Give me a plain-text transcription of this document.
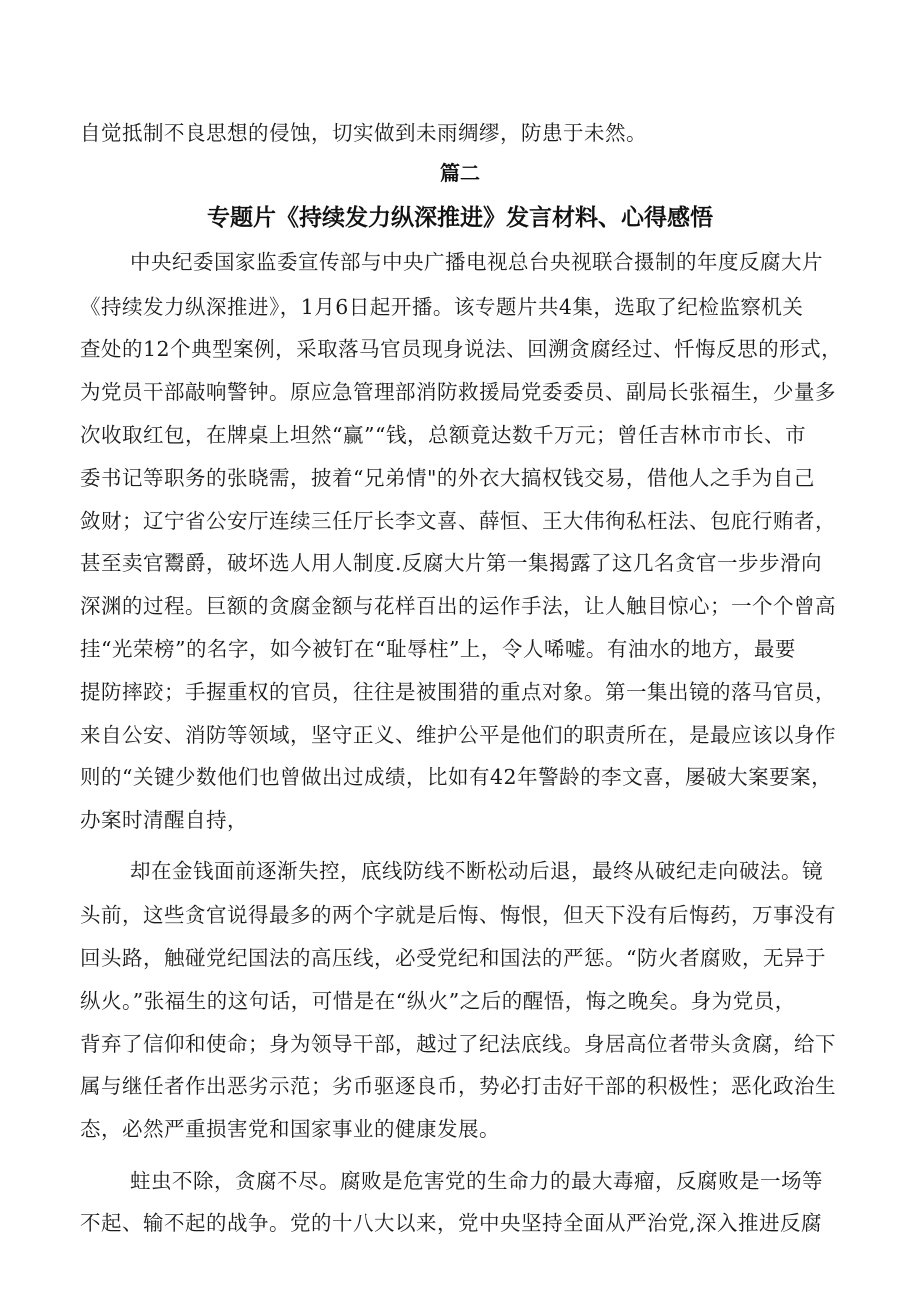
自觉抵制不良思想的侵蚀，切实做到未雨绸缪，防患于未然。
篇二
专题片《持续发力纵深推进》发言材料、心得感悟
中央纪委国家监委宣传部与中央广播电视总台央视联合摄制的年度反腐大片
《持续发力纵深推进》，1月6日起开播。该专题片共4集，选取了纪检监察机关
查处的12个典型案例，采取落马官员现身说法、回溯贪腐经过、忏悔反思的形式，
为党员干部敲响警钟。原应急管理部消防救援局党委委员、副局长张福生，少量多
次收取红包，在牌桌上坦然“赢”“钱，总额竟达数千万元；曾任吉林市市长、市
委书记等职务的张晓需，披着“兄弟情"的外衣大搞权钱交易，借他人之手为自己
敛财；辽宁省公安厅连续三任厅长李文喜、薛恒、王大伟徇私枉法、包庇行贿者，
甚至卖官鬻爵，破坏选人用人制度.反腐大片第一集揭露了这几名贪官一步步滑向
深渊的过程。巨额的贪腐金额与花样百出的运作手法，让人触目惊心；一个个曾高
挂“光荣榜”的名字，如今被钉在“耻辱柱”上，令人唏嘘。有油水的地方，最要
提防摔跤；手握重权的官员，往往是被围猎的重点对象。第一集出镜的落马官员，
来自公安、消防等领域，坚守正义、维护公平是他们的职责所在，是最应该以身作
则的“关键少数他们也曾做出过成绩，比如有42年警龄的李文喜，屡破大案要案，
办案时清醒自持，
却在金钱面前逐渐失控，底线防线不断松动后退，最终从破纪走向破法。镜
头前，这些贪官说得最多的两个字就是后悔、悔恨，但天下没有后悔药，万事没有
回头路，触碰党纪国法的高压线，必受党纪和国法的严惩。“防火者腐败，无异于
纵火。”张福生的这句话，可惜是在“纵火”之后的醒悟，悔之晚矣。身为党员，
背弃了信仰和使命；身为领导干部，越过了纪法底线。身居高位者带头贪腐，给下
属与继任者作出恶劣示范；劣币驱逐良币，势必打击好干部的积极性；恶化政治生
态，必然严重损害党和国家事业的健康发展。
蛀虫不除，贪腐不尽。腐败是危害党的生命力的最大毒瘤，反腐败是一场等
不起、输不起的战争。党的十八大以来，党中央坚持全面从严治党,深入推进反腐
